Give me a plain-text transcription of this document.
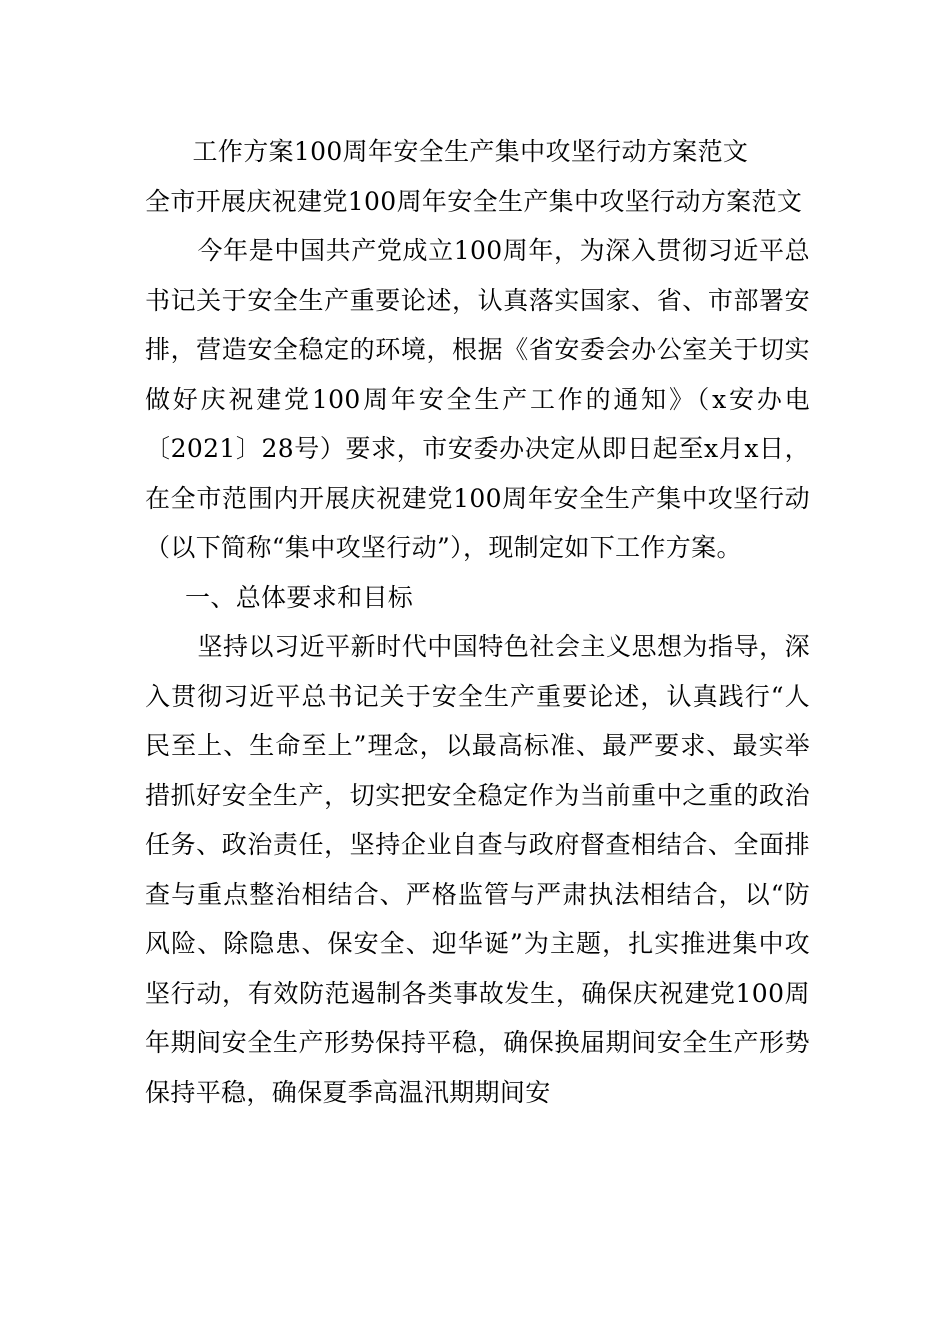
工作方案100周年安全生产集中攻坚行动方案范文

全市开展庆祝建党100周年安全生产集中攻坚行动方案范文

今年是中国共产党成立100周年，为深入贯彻习近平总书记关于安全生产重要论述，认真落实国家、省、市部署安排，营造安全稳定的环境，根据《省安委会办公室关于切实做好庆祝建党100周年安全生产工作的通知》（x安办电〔2021〕28号）要求，市安委办决定从即日起至x月x日，在全市范围内开展庆祝建党100周年安全生产集中攻坚行动（以下简称“集中攻坚行动”），现制定如下工作方案。

一、总体要求和目标

坚持以习近平新时代中国特色社会主义思想为指导，深入贯彻习近平总书记关于安全生产重要论述，认真践行“人民至上、生命至上”理念，以最高标准、最严要求、最实举措抓好安全生产，切实把安全稳定作为当前重中之重的政治任务、政治责任，坚持企业自查与政府督查相结合、全面排查与重点整治相结合、严格监管与严肃执法相结合，以“防风险、除隐患、保安全、迎华诞”为主题，扎实推进集中攻坚行动，有效防范遏制各类事故发生，确保庆祝建党100周年期间安全生产形势保持平稳，确保换届期间安全生产形势保持平稳，确保夏季高温汛期期间安
